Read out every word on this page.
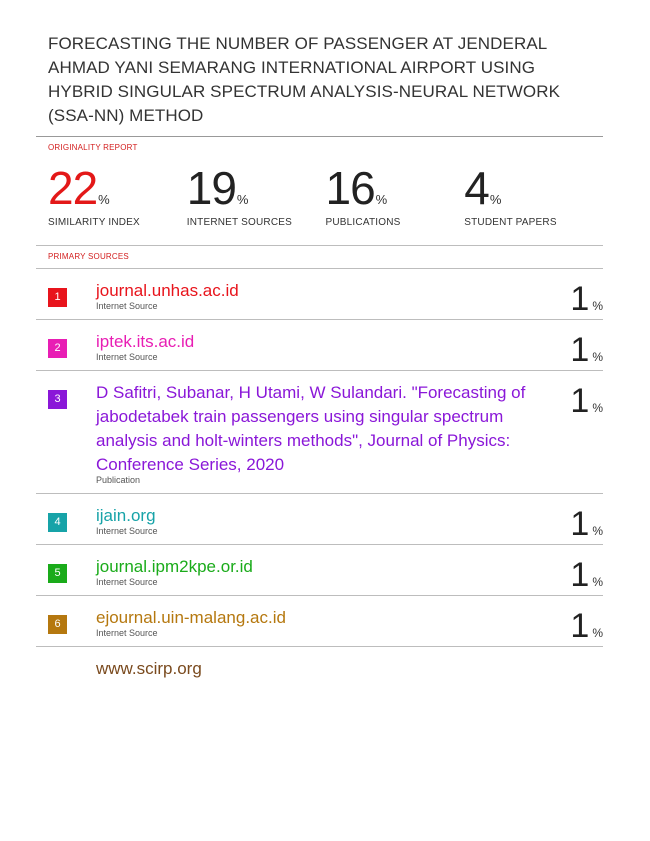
FORECASTING THE NUMBER OF PASSENGER AT JENDERAL AHMAD YANI SEMARANG INTERNATIONAL AIRPORT USING HYBRID SINGULAR SPECTRUM ANALYSIS-NEURAL NETWORK (SSA-NN) METHOD
ORIGINALITY REPORT
22 %
SIMILARITY INDEX
19 %
INTERNET SOURCES
16 %
PUBLICATIONS
4 %
STUDENT PAPERS
PRIMARY SOURCES
1	journal.unhas.ac.id
Internet Source	1 %
2	iptek.its.ac.id
Internet Source	1 %
3	D Safitri, Subanar, H Utami, W Sulandari. "Forecasting of jabodetabek train passengers using singular spectrum analysis and holt-winters methods", Journal of Physics: Conference Series, 2020
Publication
1 %
4	ijain.org
Internet Source	1 %
5	journal.ipm2kpe.or.id
Internet Source	1 %
6	ejournal.uin-malang.ac.id
Internet Source	1 %
www.scirp.org
